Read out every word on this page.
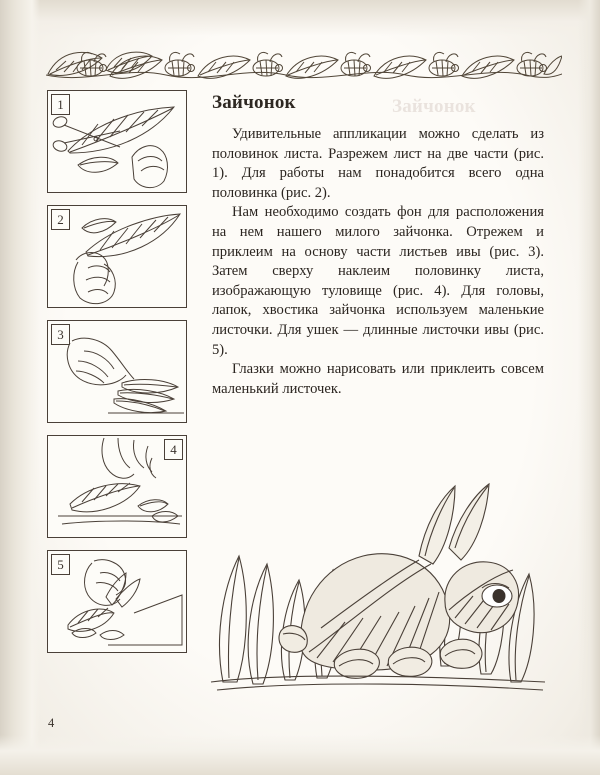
1
2
3
4
5
Зайчонок
Зайчонок

Удивительные аппликации можно сделать из половинок листа. Разрежем лист на две части (рис. 1). Для работы нам понадобится всего одна половинка (рис. 2).

Нам необходимо создать фон для расположения на нем нашего милого зайчонка. Отрежем и приклеим на основу части листьев ивы (рис. 3). Затем сверху наклеим половинку листа, изображающую туловище (рис. 4). Для головы, лапок, хвостика зайчонка используем маленькие листочки. Для ушек — длинные листочки ивы (рис. 5).

Глазки можно нарисовать или приклеить совсем маленький листочек.

4
